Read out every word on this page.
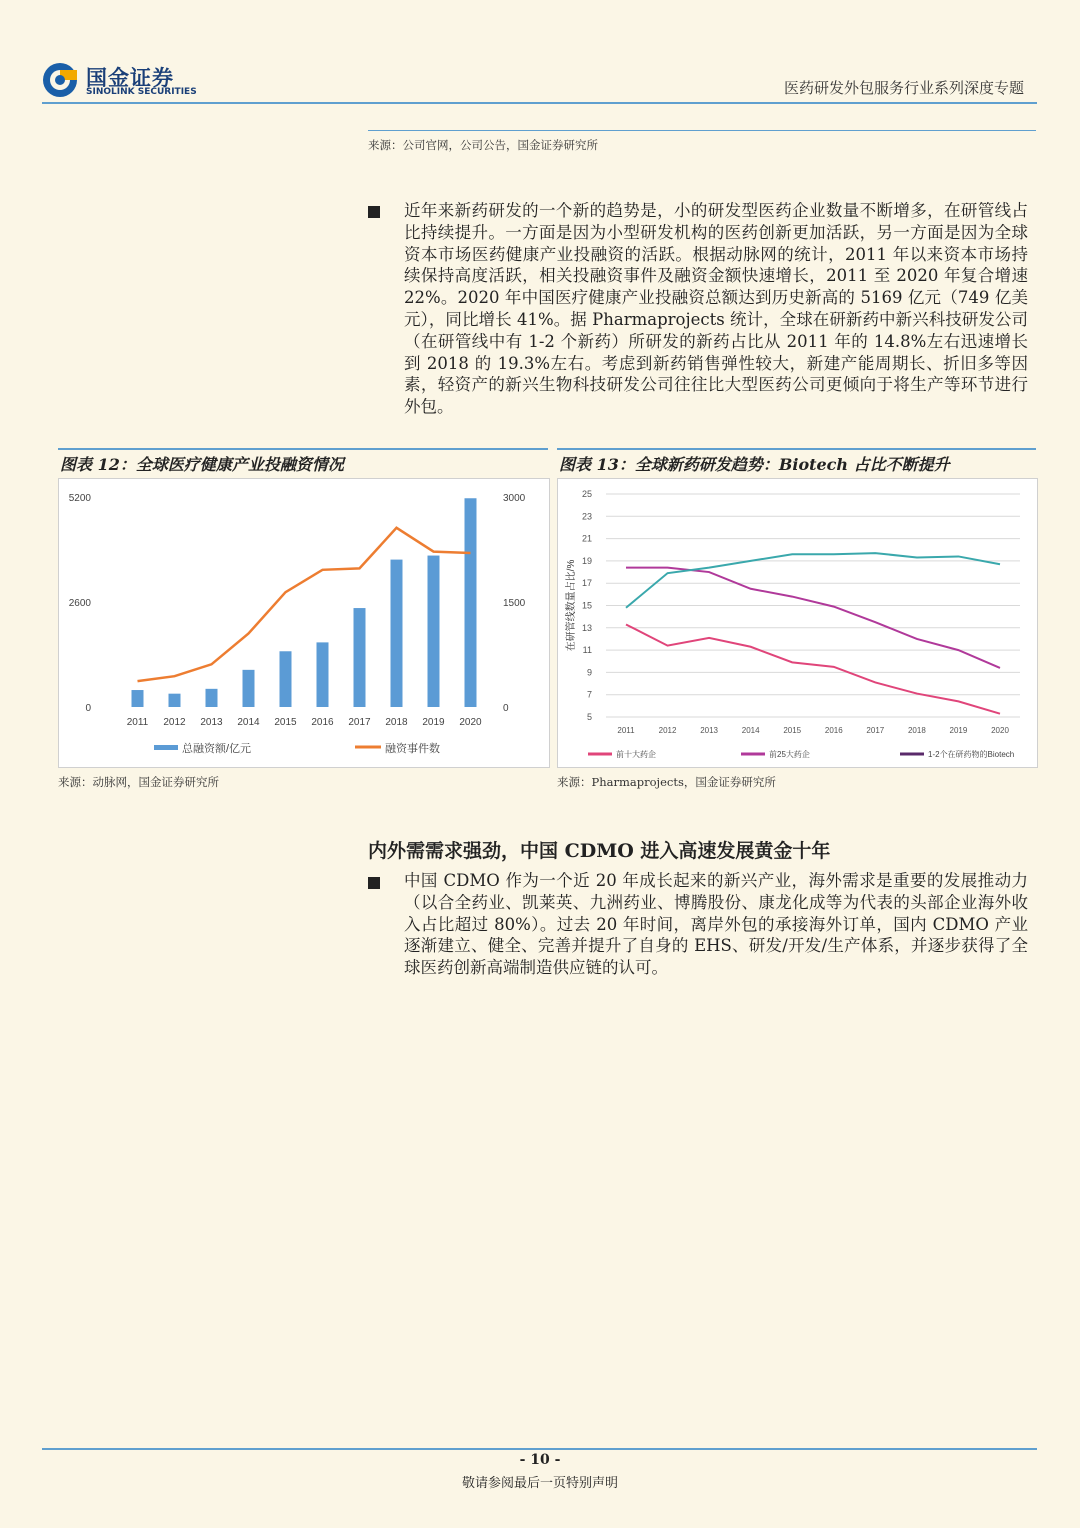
国金证券
SINOLINK SECURITIES	医药研发外包服务行业系列深度专题
来源：公司官网，公司公告，国金证券研究所
近年来新药研发的一个新的趋势是，小的研发型医药企业数量不断增多，在研管线占比持续提升。一方面是因为小型研发机构的医药创新更加活跃，另一方面是因为全球资本市场医药健康产业投融资的活跃。根据动脉网的统计，2011 年以来资本市场持续保持高度活跃，相关投融资事件及融资金额快速增长，2011 至 2020 年复合增速 22%。2020 年中国医疗健康产业投融资总额达到历史新高的 5169 亿元（749 亿美元），同比增长 41%。据 Pharmaprojects 统计，全球在研新药中新兴科技研发公司（在研管线中有 1-2 个新药）所研发的新药占比从 2011 年的 14.8%左右迅速增长到 2018 的 19.3%左右。考虑到新药销售弹性较大，新建产能周期长、折旧多等因素，轻资产的新兴生物科技研发公司往往比大型医药公司更倾向于将生产等环节进行外包。
图表 12：全球医疗健康产业投融资情况
0
2600
5200
0
1500
3000
2011 2012 2013 2014 2015 2016 2017 2018 2019 2020
总融资额/亿元	融资事件数
来源：动脉网，国金证券研究所
图表 13：全球新药研发趋势：Biotech 占比不断提升
5
7
9
11
13
15
17
19
21
23
25
2011	2012	2013	2014	2015	2016	2017	2018	2019	2020
在研管线数量占比/%
前十大药企	前25大药企	1-2个在研药物的Biotech
来源：Pharmaprojects，国金证券研究所
内外需需求强劲，中国 CDMO 进入高速发展黄金十年
中国 CDMO 作为一个近 20 年成长起来的新兴产业，海外需求是重要的发展推动力（以合全药业、凯莱英、九洲药业、博腾股份、康龙化成等为代表的头部企业海外收入占比超过 80%）。过去 20 年时间，离岸外包的承接海外订单，国内 CDMO 产业逐渐建立、健全、完善并提升了自身的 EHS、研发/开发/生产体系，并逐步获得了全球医药创新高端制造供应链的认可。
- 10 -
敬请参阅最后一页特别声明
